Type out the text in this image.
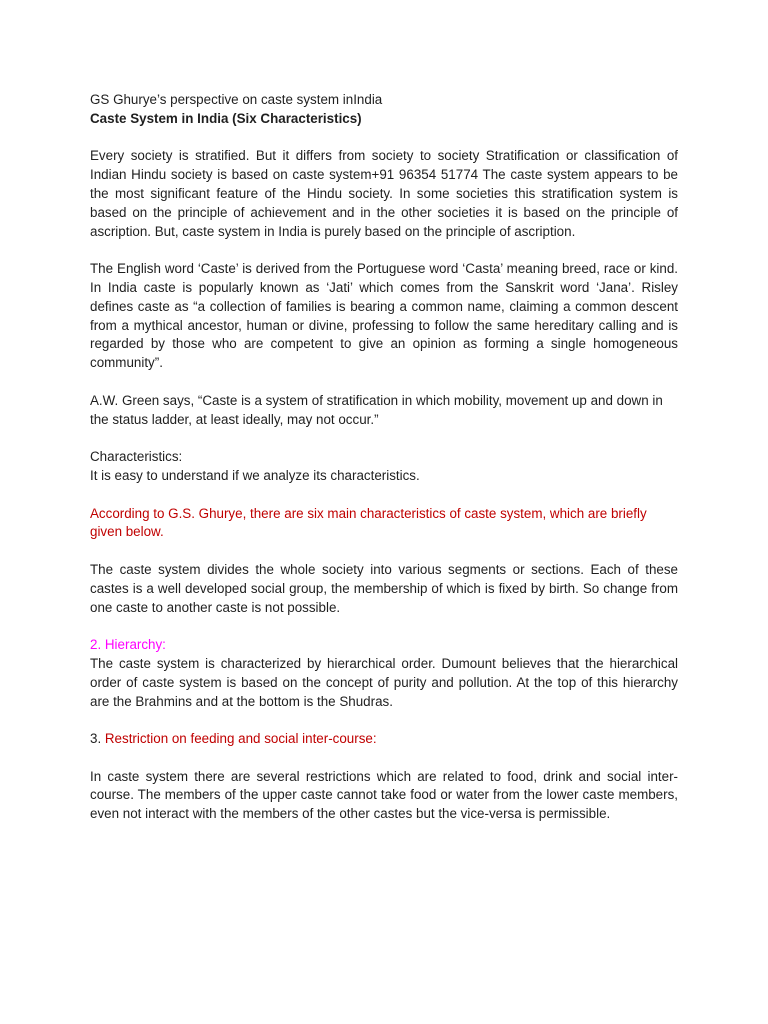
GS Ghurye’s perspective on caste system inIndia

Caste System in India (Six Characteristics)

Every society is stratified. But it differs from society to society Stratification or classification of Indian Hindu society is based on caste system+91 96354 51774 The caste system appears to be the most significant feature of the Hindu society. In some societies this stratification system is based on the principle of achievement and in the other societies it is based on the principle of ascription. But, caste system in India is purely based on the principle of ascription.

The English word ‘Caste’ is derived from the Portuguese word ‘Casta’ meaning breed, race or kind. In India caste is popularly known as ‘Jati’ which comes from the Sanskrit word ‘Jana’. Risley defines caste as “a collection of families is bearing a common name, claiming a common descent from a mythical ancestor, human or divine, professing to follow the same hereditary calling and is regarded by those who are competent to give an opinion as forming a single homogeneous community”.

A.W. Green says, “Caste is a system of stratification in which mobility, movement up and down in the status ladder, at least ideally, may not occur.”

Characteristics:

It is easy to understand if we analyze its characteristics.

According to G.S. Ghurye, there are six main characteristics of caste system, which are briefly given below.

The caste system divides the whole society into various segments or sections. Each of these castes is a well developed social group, the membership of which is fixed by birth. So change from one caste to another caste is not possible.

2. Hierarchy:

The caste system is characterized by hierarchical order. Dumount believes that the hierarchical order of caste system is based on the concept of purity and pollution. At the top of this hierarchy are the Brahmins and at the bottom is the Shudras.

3. Restriction on feeding and social inter-course:

In caste system there are several restrictions which are related to food, drink and social inter-course. The members of the upper caste cannot take food or water from the lower caste members, even not interact with the members of the other castes but the vice-versa is permissible.
